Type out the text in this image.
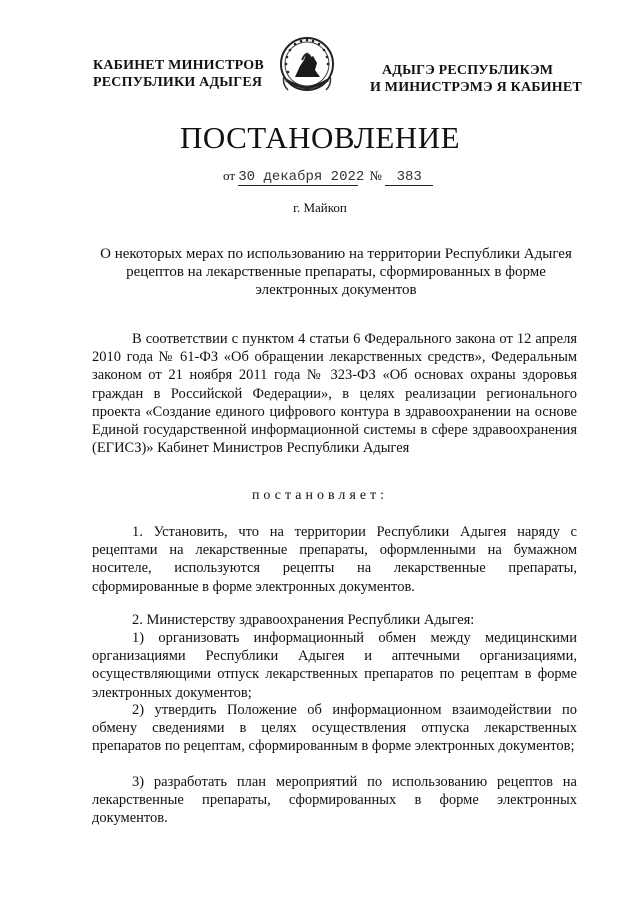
КАБИНЕТ МИНИСТРОВ
РЕСПУБЛИКИ АДЫГЕЯ
АДЫГЭ РЕСПУБЛИКЭМ
И МИНИСТРЭМЭ Я КАБИНЕТ
ПОСТАНОВЛЕНИЕ
от 30 декабря 2022 № 383
г. Майкоп
О некоторых мерах по использованию на территории Республики Адыгея
рецептов на лекарственные препараты, сформированных в форме
электронных документов
В соответствии с пунктом 4 статьи 6 Федерального закона от 12 апреля 2010 года № 61-ФЗ «Об обращении лекарственных средств», Федеральным законом от 21 ноября 2011 года № 323-ФЗ «Об основах охраны здоровья граждан в Российской Федерации», в целях реализации регионального проекта «Создание единого цифрового контура в здравоохранении на основе Единой государственной информационной системы в сфере здравоохранения (ЕГИСЗ)» Кабинет Министров Республики Адыгея
постановляет:
1. Установить, что на территории Республики Адыгея наряду с рецептами на лекарственные препараты, оформленными на бумажном носителе, используются рецепты на лекарственные препараты, сформированные в форме электронных документов.
2. Министерству здравоохранения Республики Адыгея:
1) организовать информационный обмен между медицинскими организациями Республики Адыгея и аптечными организациями, осуществляющими отпуск лекарственных препаратов по рецептам в форме электронных документов;
2) утвердить Положение об информационном взаимодействии по обмену сведениями в целях осуществления отпуска лекарственных препаратов по рецептам, сформированным в форме электронных документов;
3) разработать план мероприятий по использованию рецептов на лекарственные препараты, сформированных в форме электронных документов.
